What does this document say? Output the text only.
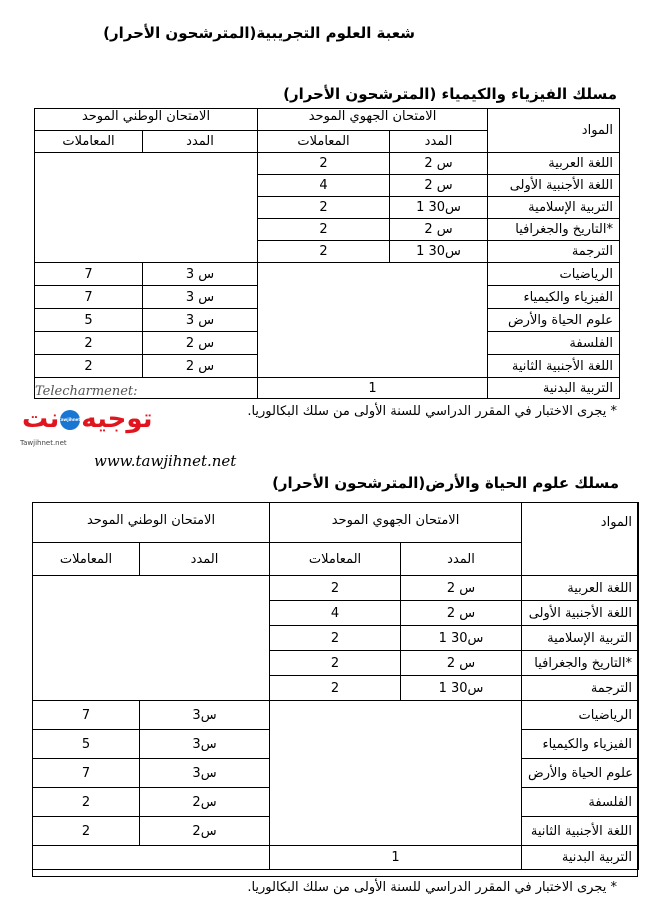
شعبة العلوم التجريبية(المترشحون الأحرار)
مسلك الفيزياء والكيمياء (المترشحون الأحرار)
الامتحان الوطني الموحد		الامتحان الجهوي الموحد		المواد
المعاملات	المدد	المعاملات	المدد	
		2	2 س	اللغة العربية
		4	2 س	اللغة الأجنبية الأولى
		2	1 س30	التربية الإسلامية
		2	2 س	التاريخ والجغرافيا*
		2	1 س30	الترجمة
7	3 س			الرياضيات
7	3 س			الفيزياء والكيمياء
5	3 س			علوم الحياة والأرض
2	2 س			الفلسفة
2	2 س			اللغة الأجنبية الثانية
		1		التربية البدنية
* يجرى الاختبار في المقرر الدراسي للسنة الأولى من سلك البكالوريا.
Telecharmenet:
توجيهtawjihnetنت
Tawjihnet.net
www.tawjihnet.net
مسلك علوم الحياة والأرض(المترشحون الأحرار)
الامتحان الوطني الموحد		الامتحان الجهوي الموحد		المواد
المعاملات	المدد	المعاملات	المدد	
		2	2 س	اللغة العربية
		4	2 س	اللغة الأجنبية الأولى
		2	1 س30	التربية الإسلامية
		2	2 س	التاريخ والجغرافيا*
		2	1 س30	الترجمة
7	3س			الرياضيات
5	3س			الفيزياء والكيمياء
7	3س			علوم الحياة والأرض
2	2س			الفلسفة
2	2س			اللغة الأجنبية الثانية
		1		التربية البدنية
* يجرى الاختبار في المقرر الدراسي للسنة الأولى من سلك البكالوريا.
